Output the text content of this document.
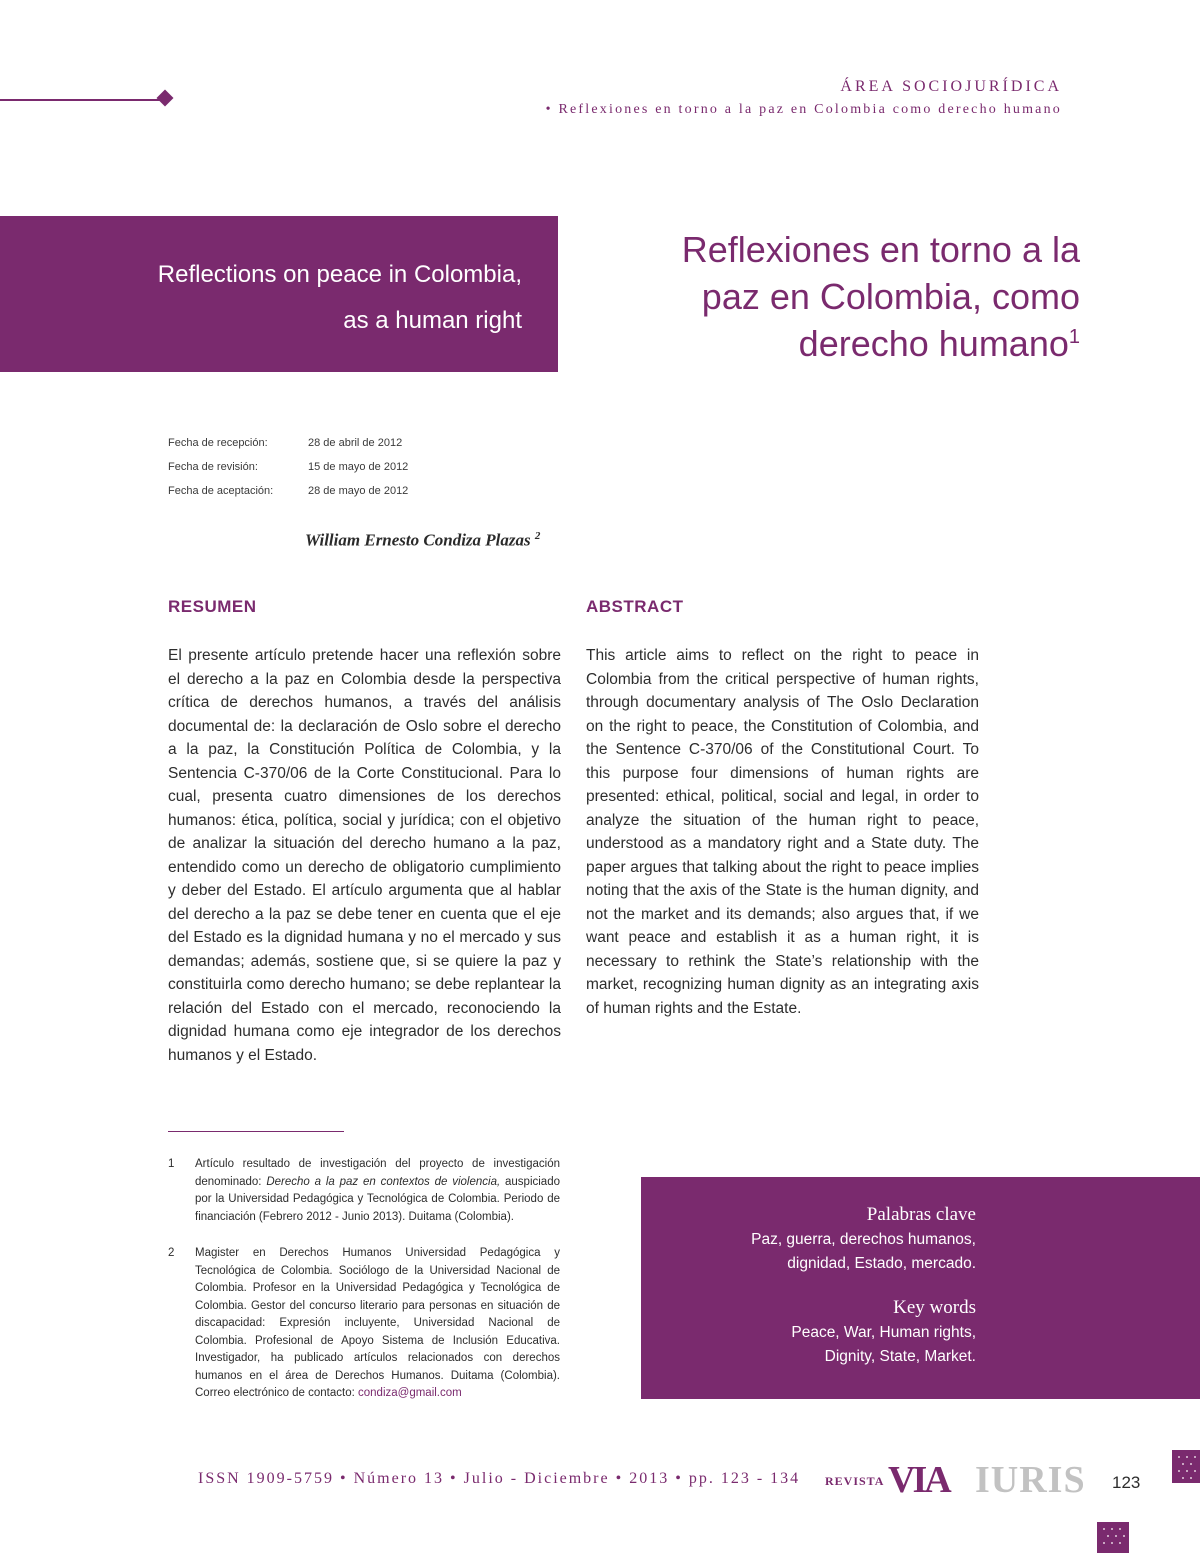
ÁREA SOCIOJURÍDICA
• Reflexiones en torno a la paz en Colombia como derecho humano
Reflections on peace in Colombia,
as a human right
Reflexiones en torno a la
paz en Colombia, como
derecho humano$^1$
Fecha de recepción:	28 de abril de 2012
Fecha de revisión:	15 de mayo de 2012
Fecha de aceptación:	28 de mayo de 2012
William Ernesto Condiza Plazas $^2$
RESUMEN	ABSTRACT
El presente artículo pretende hacer una reflexión sobre el derecho a la paz en Colombia desde la perspectiva crítica de derechos humanos, a través del análisis documental de: la declaración de Oslo sobre el derecho a la paz, la Constitución Política de Colombia, y la Sentencia C-370/06 de la Corte Constitucional. Para lo cual, presenta cuatro dimensiones de los derechos humanos: ética, política, social y jurídica; con el objetivo de analizar la situación del derecho humano a la paz, entendido como un derecho de obligatorio cumplimiento y deber del Estado. El artículo argumenta que al hablar del derecho a la paz se debe tener en cuenta que el eje del Estado es la dignidad humana y no el mercado y sus demandas; además, sostiene que, si se quiere la paz y constituirla como derecho humano; se debe replantear la relación del Estado con el mercado, reconociendo la dignidad humana como eje integrador de los derechos humanos y el Estado.
This article aims to reflect on the right to peace in Colombia from the critical perspective of human rights, through documentary analysis of The Oslo Declaration on the right to peace, the Constitution of Colombia, and the Sentence C-370/06 of the Constitutional Court. To this purpose four dimensions of human rights are presented: ethical, political, social and legal, in order to analyze the situation of the human right to peace, understood as a mandatory right and a State duty. The paper argues that talking about the right to peace implies noting that the axis of the State is the human dignity, and not the market and its demands; also argues that, if we want peace and establish it as a human right, it is necessary to rethink the State’s relationship with the market, recognizing human dignity as an integrating axis of human rights and the Estate.
1 Artículo resultado de investigación del proyecto de investigación denominado: Derecho a la paz en contextos de violencia, auspiciado por la Universidad Pedagógica y Tecnológica de Colombia. Periodo de financiación (Febrero 2012 - Junio 2013). Duitama (Colombia).
2 Magister en Derechos Humanos Universidad Pedagógica y Tecnológica de Colombia. Sociólogo de la Universidad Nacional de Colombia. Profesor en la Universidad Pedagógica y Tecnológica de Colombia. Gestor del concurso literario para personas en situación de discapacidad: Expresión incluyente, Universidad Nacional de Colombia. Profesional de Apoyo Sistema de Inclusión Educativa. Investigador, ha publicado artículos relacionados con derechos humanos en el área de Derechos Humanos. Duitama (Colombia). Correo electrónico de contacto: condiza@gmail.com
Palabras clave
Paz, guerra, derechos humanos,
dignidad, Estado, mercado.
Key words
Peace, War, Human rights,
Dignity, State, Market.
ISSN 1909-5759 • Número 13 • Julio - Diciembre • 2013 • pp. 123 - 134 REVISTA VIA IURIS 123
